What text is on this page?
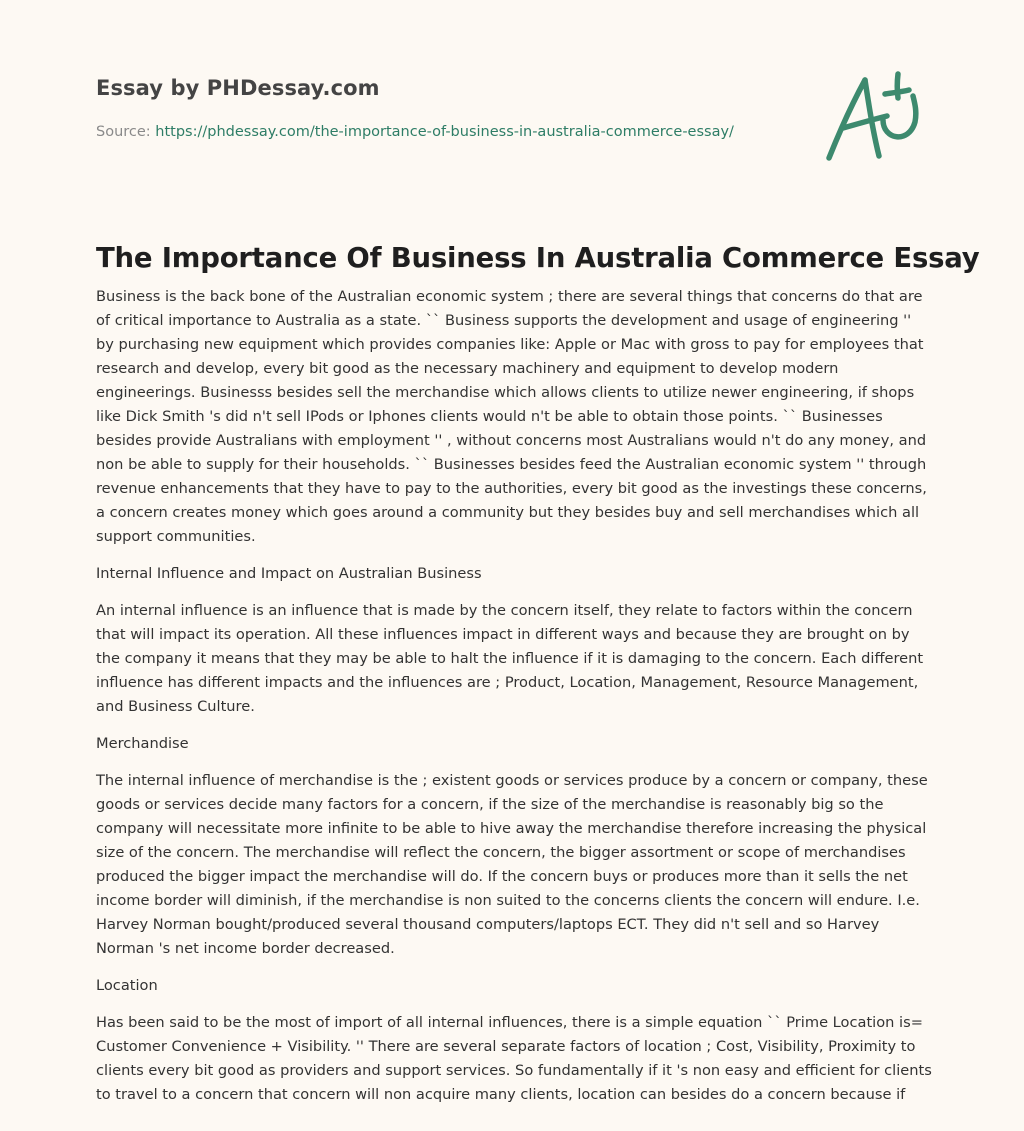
Essay by PHDessay.com
Source: https://phdessay.com/the-importance-of-business-in-australia-commerce-essay/
The Importance Of Business In Australia Commerce Essay

Business is the back bone of the Australian economic system ; there are several things that concerns do that are of critical importance to Australia as a state. `` Business supports the development and usage of engineering '' by purchasing new equipment which provides companies like: Apple or Mac with gross to pay for employees that research and develop, every bit good as the necessary machinery and equipment to develop modern engineerings. Businesss besides sell the merchandise which allows clients to utilize newer engineering, if shops like Dick Smith 's did n't sell IPods or Iphones clients would n't be able to obtain those points. `` Businesses besides provide Australians with employment '' , without concerns most Australians would n't do any money, and non be able to supply for their households. `` Businesses besides feed the Australian economic system '' through revenue enhancements that they have to pay to the authorities, every bit good as the investings these concerns, a concern creates money which goes around a community but they besides buy and sell merchandises which all support communities.

Internal Influence and Impact on Australian Business

An internal influence is an influence that is made by the concern itself, they relate to factors within the concern that will impact its operation. All these influences impact in different ways and because they are brought on by the company it means that they may be able to halt the influence if it is damaging to the concern. Each different influence has different impacts and the influences are ; Product, Location, Management, Resource Management, and Business Culture.

Merchandise

The internal influence of merchandise is the ; existent goods or services produce by a concern or company, these goods or services decide many factors for a concern, if the size of the merchandise is reasonably big so the company will necessitate more infinite to be able to hive away the merchandise therefore increasing the physical size of the concern. The merchandise will reflect the concern, the bigger assortment or scope of merchandises produced the bigger impact the merchandise will do. If the concern buys or produces more than it sells the net income border will diminish, if the merchandise is non suited to the concerns clients the concern will endure. I.e. Harvey Norman bought/produced several thousand computers/laptops ECT. They did n't sell and so Harvey Norman 's net income border decreased.

Location

Has been said to be the most of import of all internal influences, there is a simple equation `` Prime Location is= Customer Convenience + Visibility. '' There are several separate factors of location ; Cost, Visibility, Proximity to clients every bit good as providers and support services. So fundamentally if it 's non easy and efficient for clients to travel to a concern that concern will non acquire many clients, location can besides do a concern because if
